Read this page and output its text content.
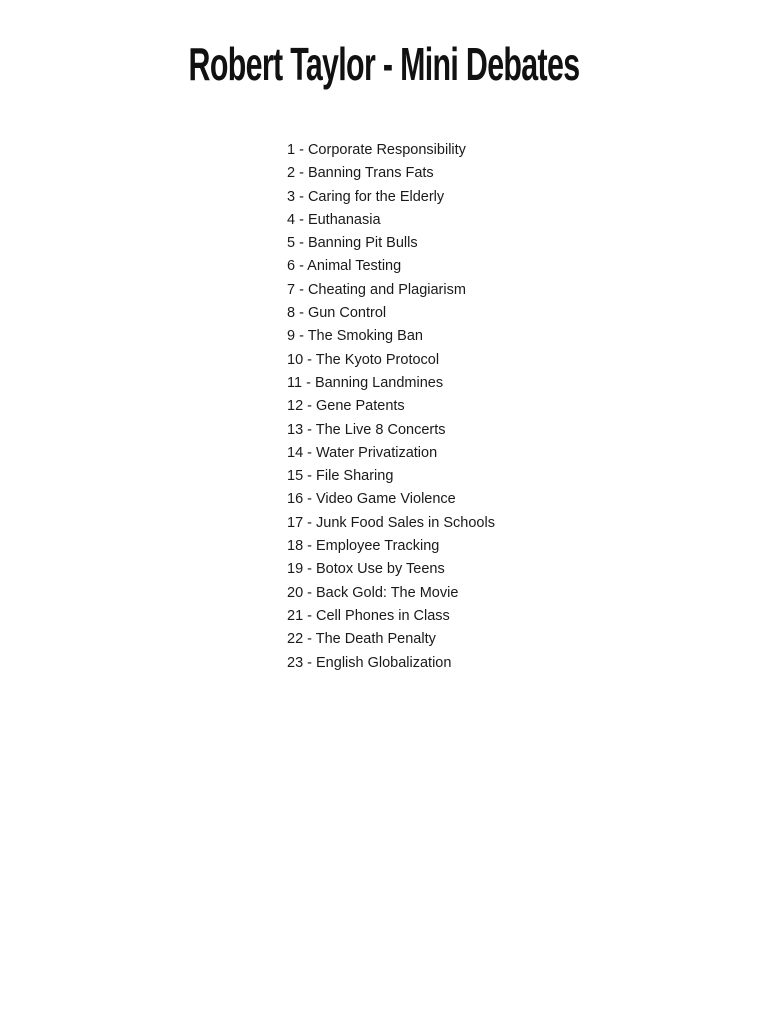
Robert Taylor - Mini Debates
1 - Corporate Responsibility
2 - Banning Trans Fats
3 - Caring for the Elderly
4 - Euthanasia
5 - Banning Pit Bulls
6 - Animal Testing
7 - Cheating and Plagiarism
8 - Gun Control
9 - The Smoking Ban
10 - The Kyoto Protocol
11 - Banning Landmines
12 - Gene Patents
13 - The Live 8 Concerts
14 - Water Privatization
15 - File Sharing
16 - Video Game Violence
17 - Junk Food Sales in Schools
18 - Employee Tracking
19 - Botox Use by Teens
20 - Back Gold: The Movie
21 - Cell Phones in Class
22 - The Death Penalty
23 - English Globalization
